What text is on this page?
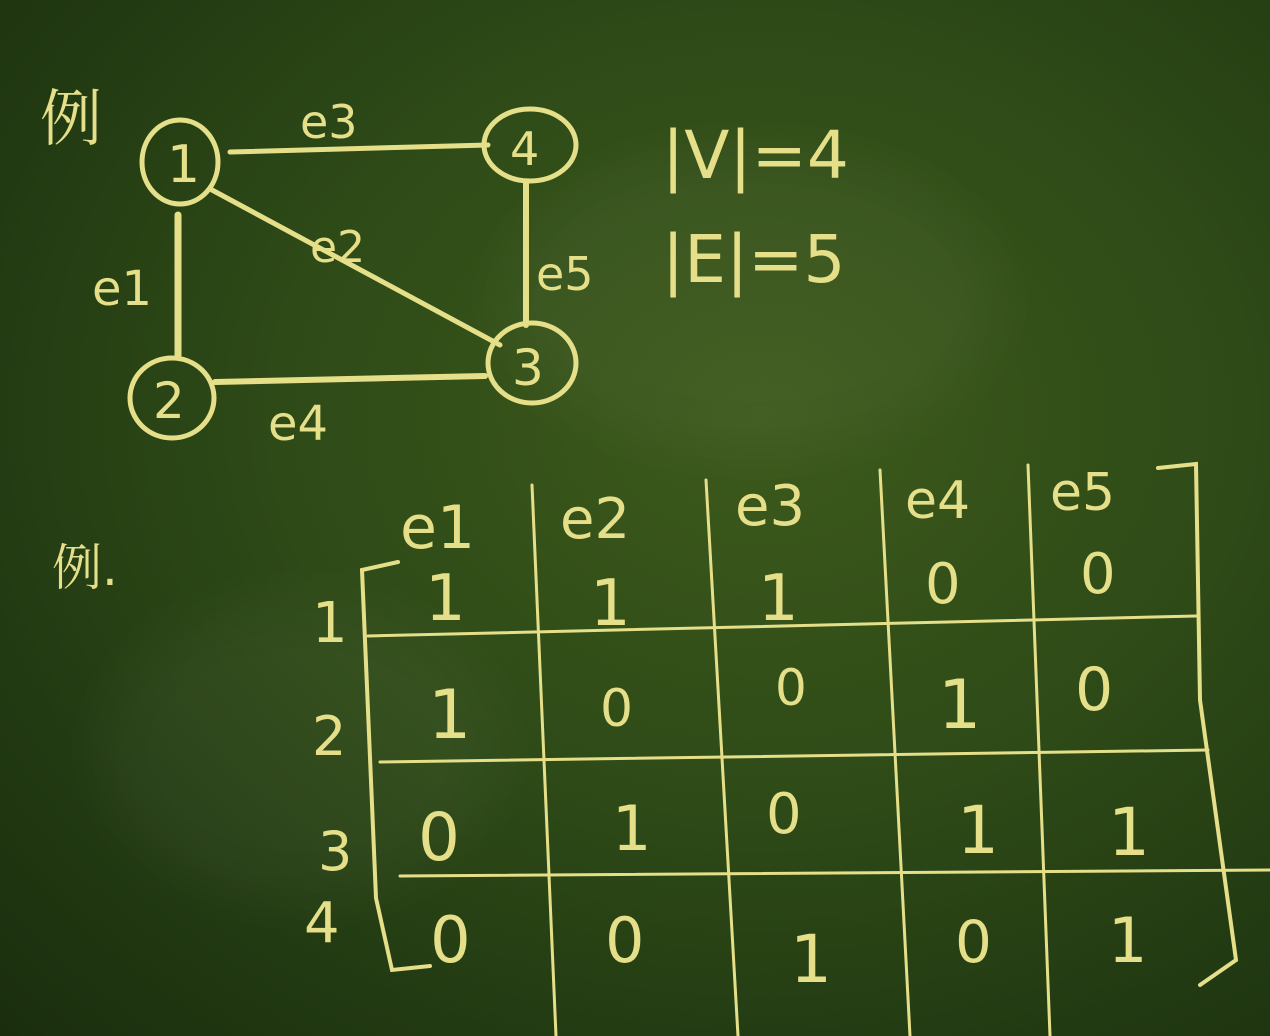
例
1
2
3
4
e3
e2
e1
e4
e5
|V|=4
|E|=5
例.
e1 e2 e3 e4 e5
1
2
3
4
1 1 1 0 0
1 0	0 1 0
0 1 0 1 1
0 0 1 0 1
